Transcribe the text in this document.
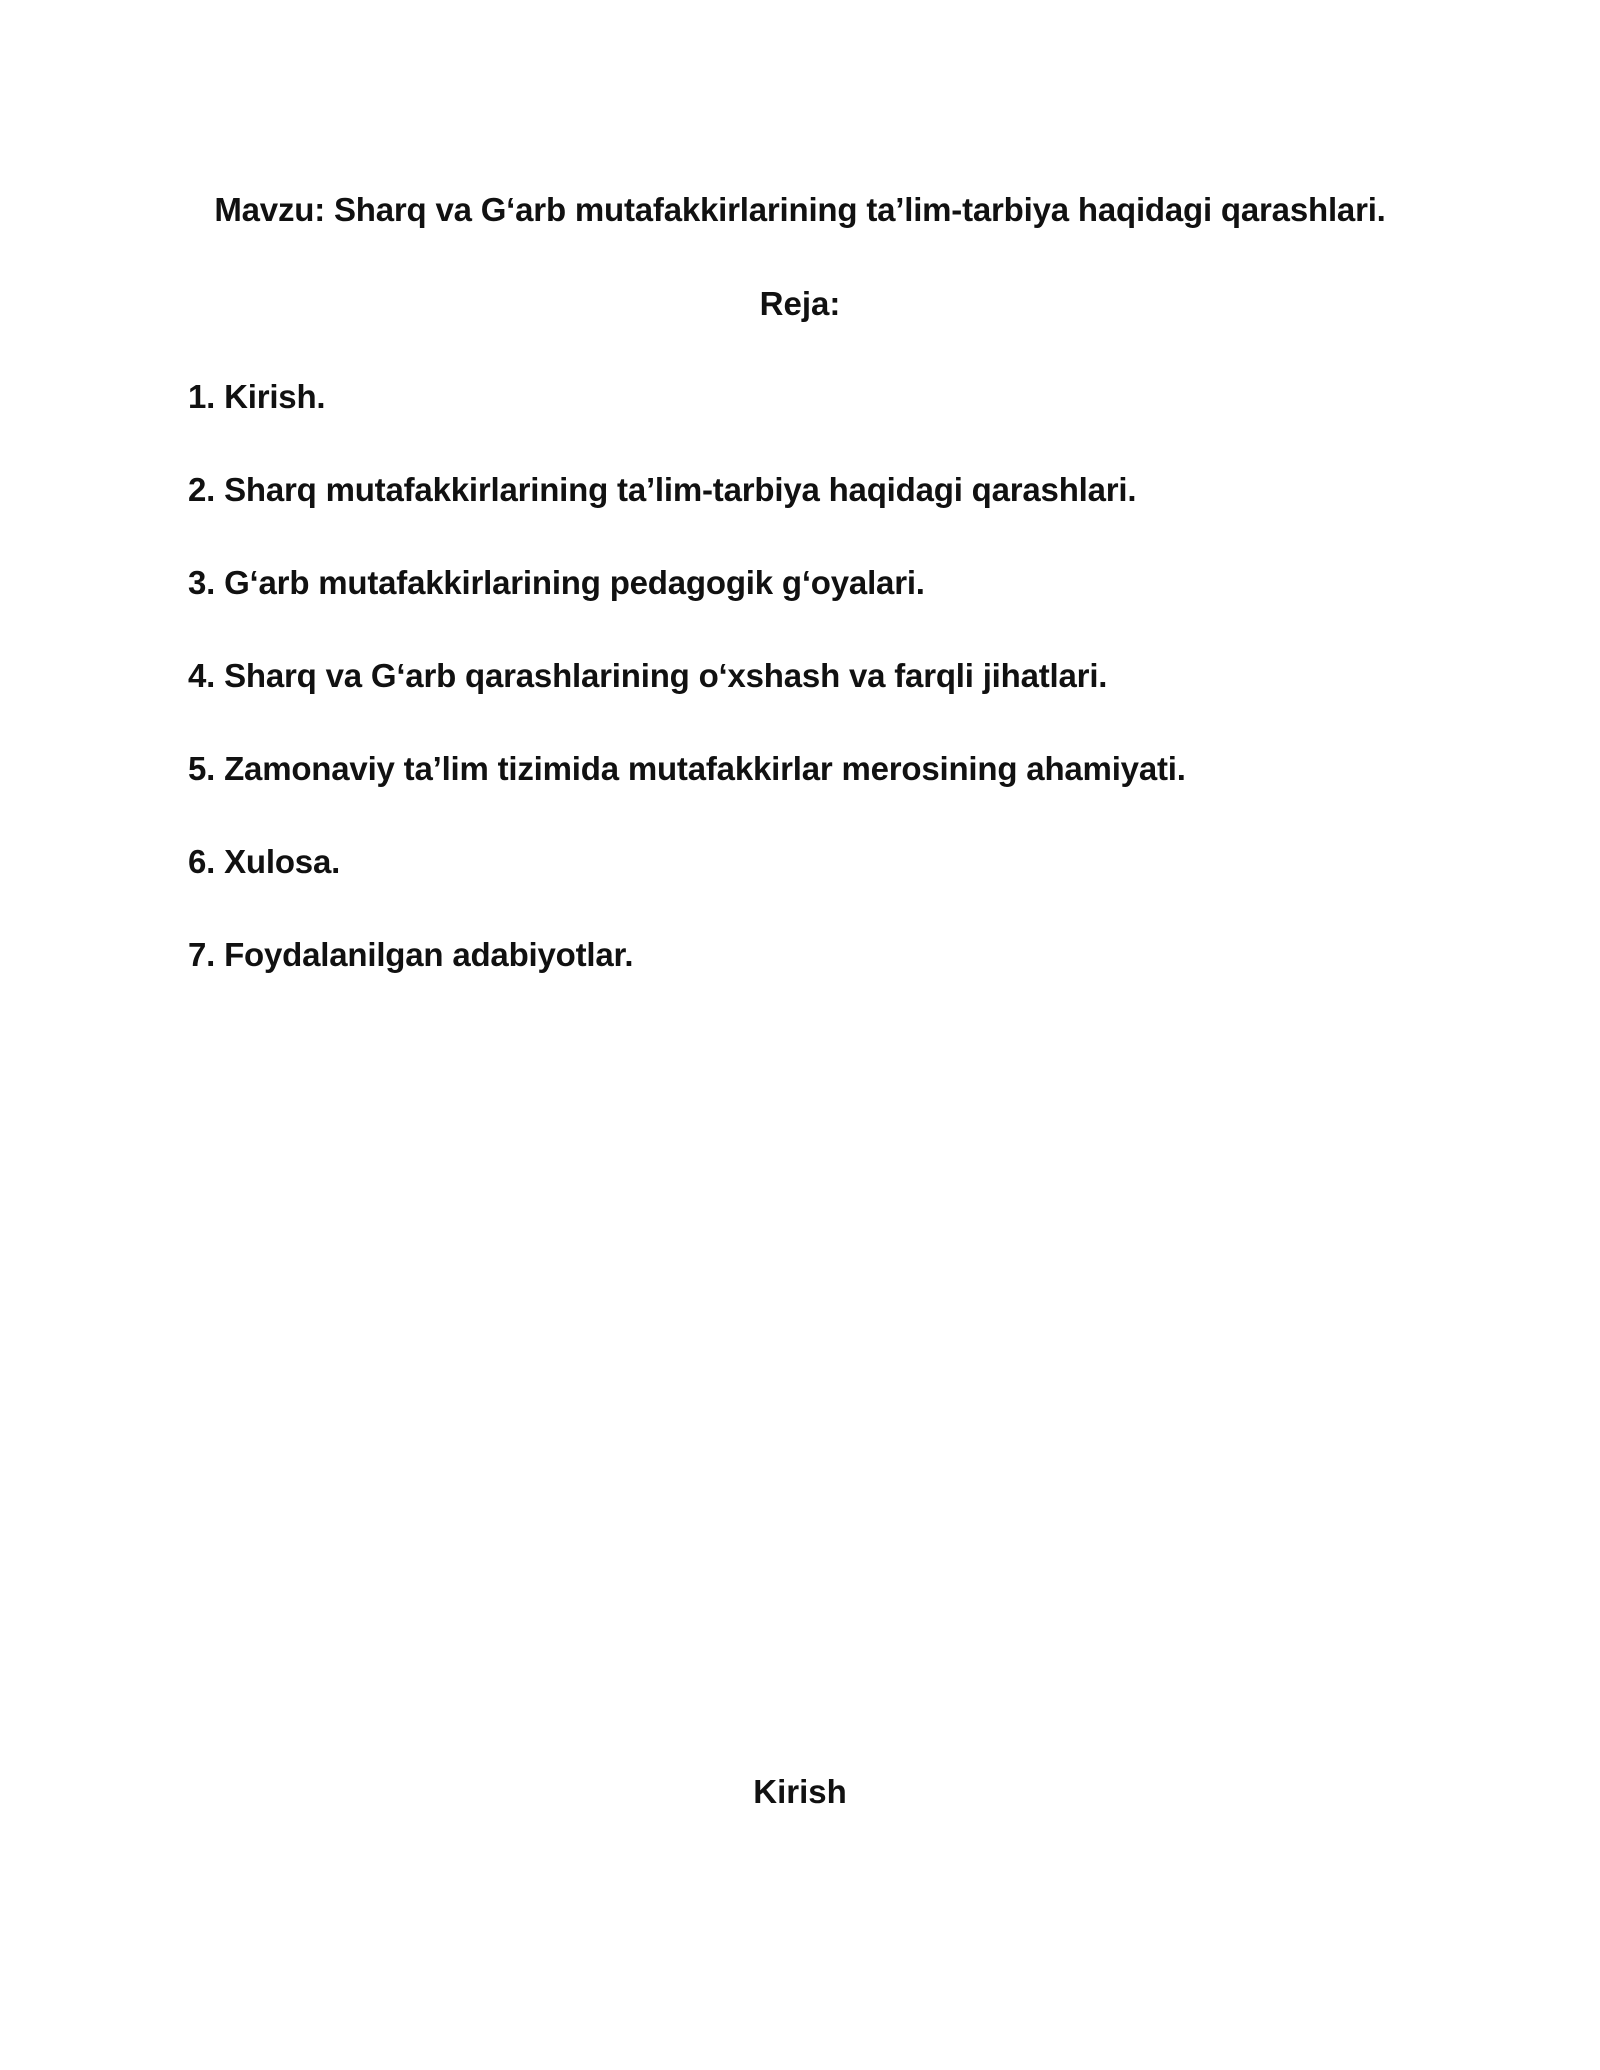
Mavzu: Sharq va G‘arb mutafakkirlarining ta’lim-tarbiya haqidagi qarashlari.
Reja:
1. Kirish.
2. Sharq mutafakkirlarining ta’lim-tarbiya haqidagi qarashlari.
3. G‘arb mutafakkirlarining pedagogik g‘oyalari.
4. Sharq va G‘arb qarashlarining o‘xshash va farqli jihatlari.
5. Zamonaviy ta’lim tizimida mutafakkirlar merosining ahamiyati.
6. Xulosa.
7. Foydalanilgan adabiyotlar.
Kirish
